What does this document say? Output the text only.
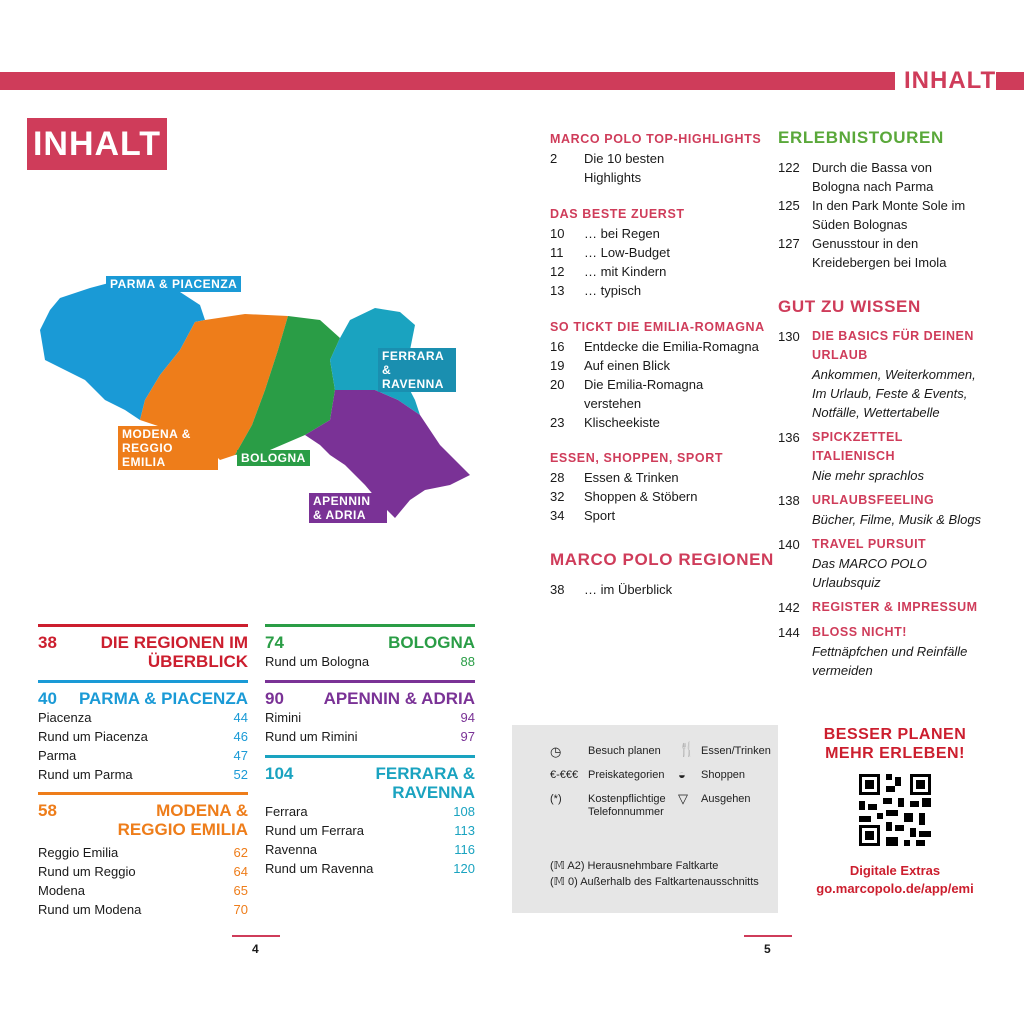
INHALT
INHALT
PARMA & PIACENZA
FERRARA & RAVENNA
MODENA & REGGIO EMILIA	BOLOGNA
APENNIN & ADRIA
38	DIE REGIONEN IM ÜBERBLICK
40 PARMA & PIACENZA
Piacenza	44
Rund um Piacenza	46
Parma	47
Rund um Parma	52
58	MODENA & REGGIO EMILIA
Reggio Emilia	62
Rund um Reggio	64
Modena	65
Rund um Modena	70
74	BOLOGNA
Rund um Bologna	88
90 APENNIN & ADRIA
Rimini	94
Rund um Rimini	97
104	FERRARA & RAVENNA
Ferrara	108
Rund um Ferrara	113
Ravenna	116
Rund um Ravenna	120
MARCO POLO TOP-HIGHLIGHTS
2	Die 10 besten Highlights
DAS BESTE ZUERST
10	… bei Regen
11	… Low-Budget
12	… mit Kindern
13	… typisch
SO TICKT DIE EMILIA-ROMAGNA
16	Entdecke die Emilia-Romagna
19	Auf einen Blick
20	Die Emilia-Romagna verstehen
23	Klischeekiste
ESSEN, SHOPPEN, SPORT
28	Essen & Trinken
32	Shoppen & Stöbern
34	Sport
MARCO POLO REGIONEN
38	… im Überblick
ERLEBNISTOUREN
122 Durch die Bassa von Bologna nach Parma
125 In den Park Monte Sole im Süden Bolognas
127 Genusstour in den Kreidebergen bei Imola
GUT ZU WISSEN
130 DIE BASICS FÜR DEINEN URLAUB
Ankommen, Weiterkommen, Im Urlaub, Feste & Events, Notfälle, Wettertabelle
136 SPICKZETTEL ITALIENISCH
Nie mehr sprachlos
138 URLAUBSFEELING
Bücher, Filme, Musik & Blogs
140 TRAVEL PURSUIT
Das MARCO POLO Urlaubsquiz
142 REGISTER & IMPRESSUM
144 BLOSS NICHT!
Fettnäpfchen und Reinfälle vermeiden
◷ Besuch planen
€-€€€ Preiskategorien
(*) Kostenpflichtige Telefonnummer
🍴 Essen/Trinken
◒ Shoppen
▽ Ausgehen
(𝕄 A2) Herausnehmbare Faltkarte
(𝕄 0) Außerhalb des Faltkartenausschnitts
BESSER PLANEN
MEHR ERLEBEN!
Digitale Extras
go.marcopolo.de/app/emi
4	5
